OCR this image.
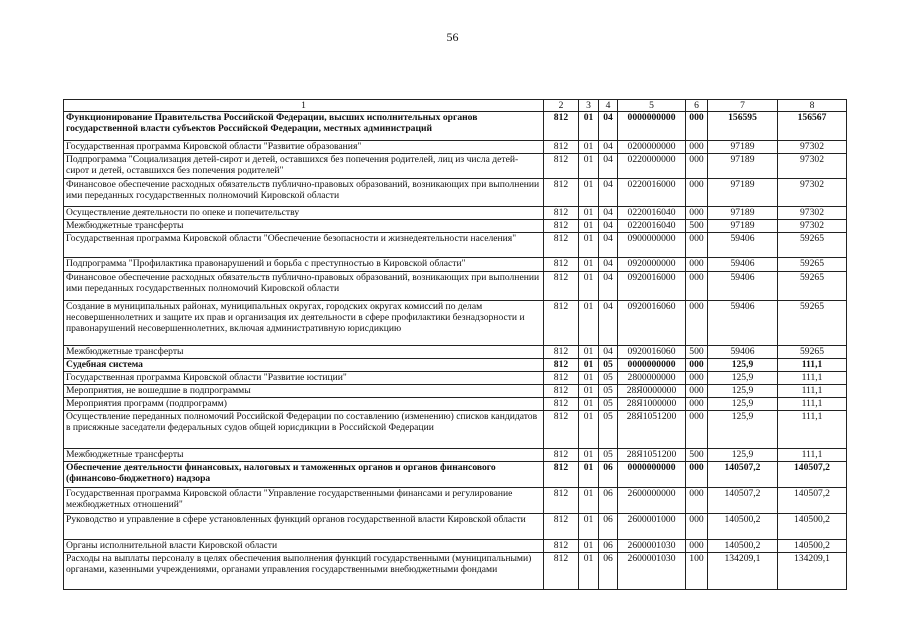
56
1	2	3	4	5	6	7	8
Функционирование Правительства Российской Федерации, высших исполнительных органов государственной власти субъектов Российской Федерации, местных администраций	812	01	04	0000000000	000	156595	156567
Государственная программа Кировской области "Развитие образования"	812	01	04	0200000000	000	97189	97302
Подпрограмма "Социализация детей-сирот и детей, оставшихся без попечения родителей, лиц из числа детей-сирот и детей, оставшихся без попечения родителей"	812	01	04	0220000000	000	97189	97302
Финансовое обеспечение расходных обязательств публично-правовых образований, возникающих при выполнении ими переданных государственных полномочий Кировской области	812	01	04	0220016000	000	97189	97302
Осуществление деятельности по опеке и попечительству	812	01	04	0220016040	000	97189	97302
Межбюджетные трансферты	812	01	04	0220016040	500	97189	97302
Государственная программа Кировской области "Обеспечение безопасности и жизнедеятельности населения"	812	01	04	0900000000	000	59406	59265
Подпрограмма "Профилактика правонарушений и борьба с преступностью в Кировской области"	812	01	04	0920000000	000	59406	59265
Финансовое обеспечение расходных обязательств публично-правовых образований, возникающих при выполнении ими переданных государственных полномочий Кировской области	812	01	04	0920016000	000	59406	59265
Создание в муниципальных районах, муниципальных округах, городских округах комиссий по делам несовершеннолетних и защите их прав и организация их деятельности в сфере профилактики безнадзорности и правонарушений несовершеннолетних, включая административную юрисдикцию	812	01	04	0920016060	000	59406	59265
Межбюджетные трансферты	812	01	04	0920016060	500	59406	59265
Судебная система	812	01	05	0000000000	000	125,9	111,1
Государственная программа Кировской области "Развитие юстиции"	812	01	05	2800000000	000	125,9	111,1
Мероприятия, не вошедшие в подпрограммы	812	01	05	28Я0000000	000	125,9	111,1
Мероприятия программ (подпрограмм)	812	01	05	28Я1000000	000	125,9	111,1
Осуществление переданных полномочий Российской Федерации по составлению (изменению) списков кандидатов в присяжные заседатели федеральных судов общей юрисдикции в Российской Федерации	812	01	05	28Я1051200	000	125,9	111,1
Межбюджетные трансферты	812	01	05	28Я1051200	500	125,9	111,1
Обеспечение деятельности финансовых, налоговых и таможенных органов и органов финансового (финансово-бюджетного) надзора	812	01	06	0000000000	000	140507,2	140507,2
Государственная программа Кировской области "Управление государственными финансами и регулирование межбюджетных отношений"	812	01	06	2600000000	000	140507,2	140507,2
Руководство и управление в сфере установленных функций органов государственной власти Кировской области	812	01	06	2600001000	000	140500,2	140500,2
Органы исполнительной власти Кировской области	812	01	06	2600001030	000	140500,2	140500,2
Расходы на выплаты персоналу в целях обеспечения выполнения функций государственными (муниципальными) органами, казенными учреждениями, органами управления государственными внебюджетными фондами	812	01	06	2600001030	100	134209,1	134209,1
